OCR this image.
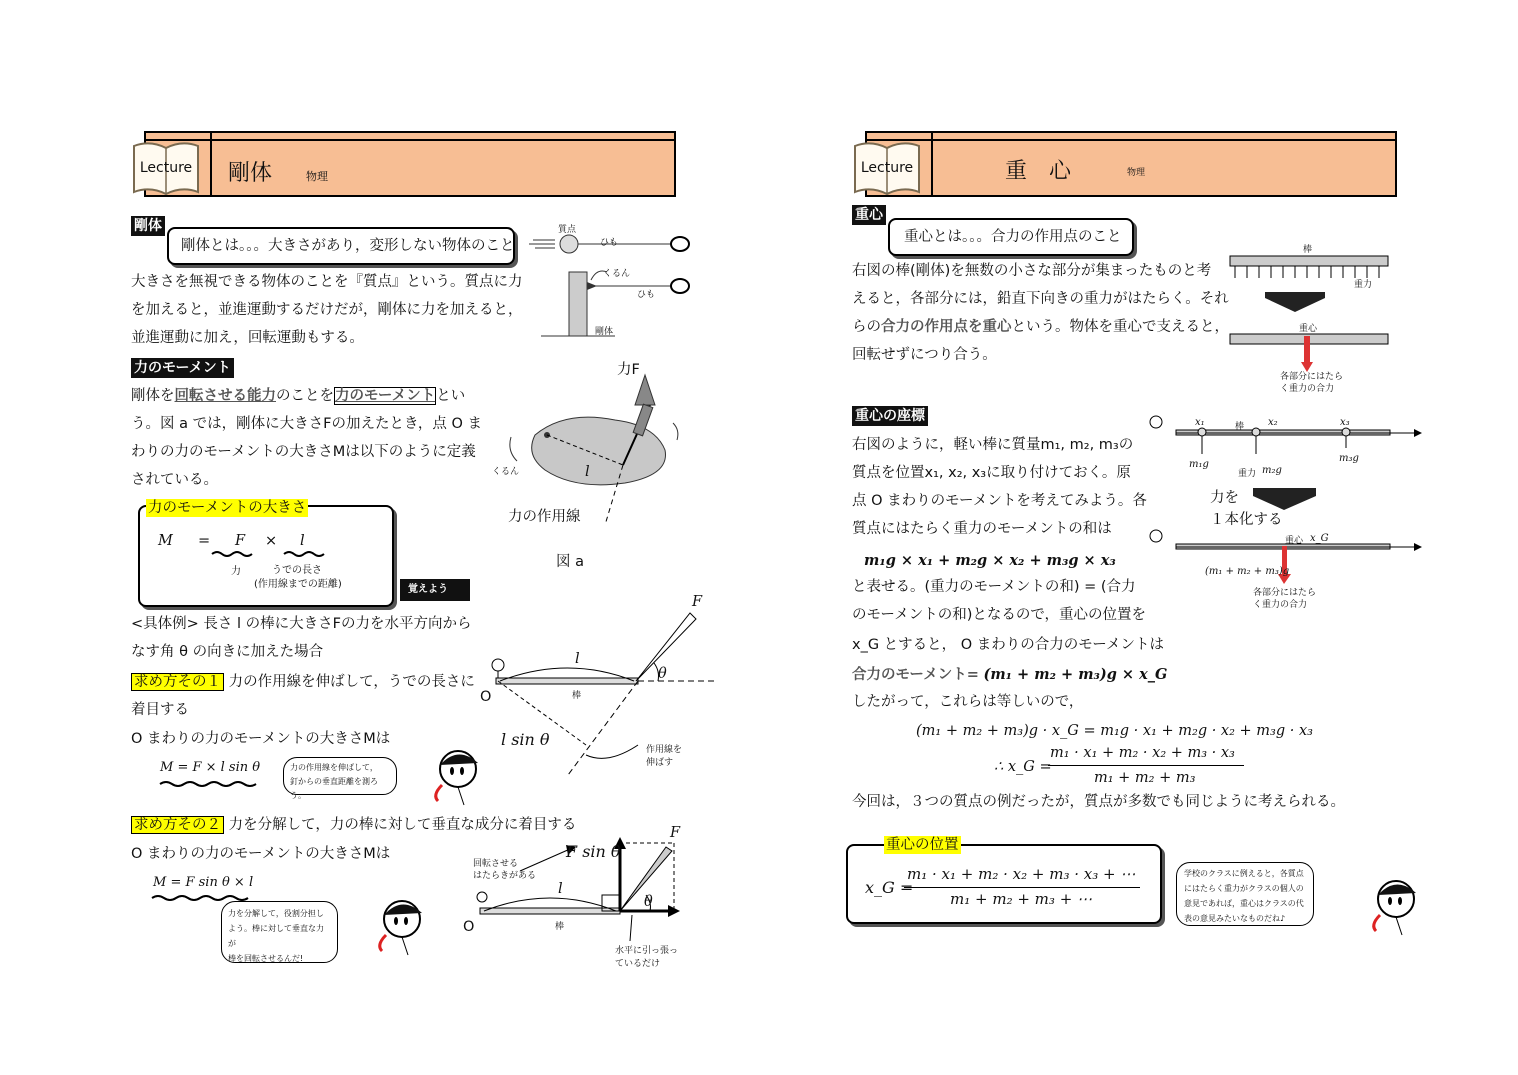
Lecture	剛体	物理
剛体
剛体とは。。。大きさがあり，変形しない物体のこと
大きさを無視できる物体のことを『質点』という。質点に力
を加えると，並進運動するだけだが，剛体に力を加えると，
並進運動に加え，回転運動もする。
質点
ひも
くるん
ひも
剛体
力のモーメント
剛体を回転させる能力のことを力のモーメントとい
う。図 a では，剛体に大きさFの加えたとき，点 O ま
わりの力のモーメントの大きさMは以下のように定義
されている。
力F
くるん	l
力の作用線
図 a
力のモーメントの大きさ
M = F × l
力	うでの長さ
(作用線までの距離)	覚えよう
<具体例> 長さ l の棒に大きさFの力を水平方向から
なす角 θ の向きに加えた場合
求め方その１ 力の作用線を伸ばして，うでの長さに
着目する
O まわりの力のモーメントの大きさMは
M = F × l sin θ	力の作用線を伸ばして，
釘からの垂直距離を測ろう。
F
l
θ
O	棒
l sin θ
作用線を
伸ばす
求め方その２ 力を分解して，力の棒に対して垂直な成分に着目する
O まわりの力のモーメントの大きさMは
M = F sin θ × l
力を分解して，役割分担し
よう。棒に対して垂直な力が
棒を回転させるんだ!
F
F sin θ
回転させる
はたらきがある
l
θ
O	棒
水平に引っ張っ
ているだけ
Lecture	重　心	物理
重心
重心とは。。。合力の作用点のこと
右図の棒(剛体)を無数の小さな部分が集まったものと考
えると，各部分には，鉛直下向きの重力がはたらく。それ
らの合力の作用点を重心という。物体を重心で支えると，
回転せずにつり合う。
棒
重力
重心
各部分にはたら
く重力の合力
重心の座標
右図のように，軽い棒に質量m₁, m₂, m₃の
質点を位置x₁, x₂, x₃に取り付けておく。原
点 O まわりのモーメントを考えてみよう。各
質点にはたらく重力のモーメントの和は
m₁g × x₁ + m₂g × x₂ + m₃g × x₃
と表せる。(重力のモーメントの和) = (合力
のモーメントの和)となるので，重心の位置を
x_G とすると， O まわりの合力のモーメントは
合力のモーメント= (m₁ + m₂ + m₃)g × x_G
したがって，これらは等しいので，
(m₁ + m₂ + m₃)g · x_G = m₁g · x₁ + m₂g · x₂ + m₃g · x₃
∴ x_G =
m₁ · x₁ + m₂ · x₂ + m₃ · x₃
m₁ + m₂ + m₃
今回は，３つの質点の例だったが，質点が多数でも同じように考えられる。
x₁	棒 x₂	x₃
m₁g
重力 m₂g
m₃g
力を
１本化する
重心 x_G
(m₁ + m₂ + m₃)g
各部分にはたら
く重力の合力
重心の位置
x_G =
m₁ · x₁ + m₂ · x₂ + m₃ · x₃ + ⋯
m₁ + m₂ + m₃ + ⋯
学校のクラスに例えると，各質点
にはたらく重力がクラスの個人の
意見であれば，重心はクラスの代
表の意見みたいなものだね♪
